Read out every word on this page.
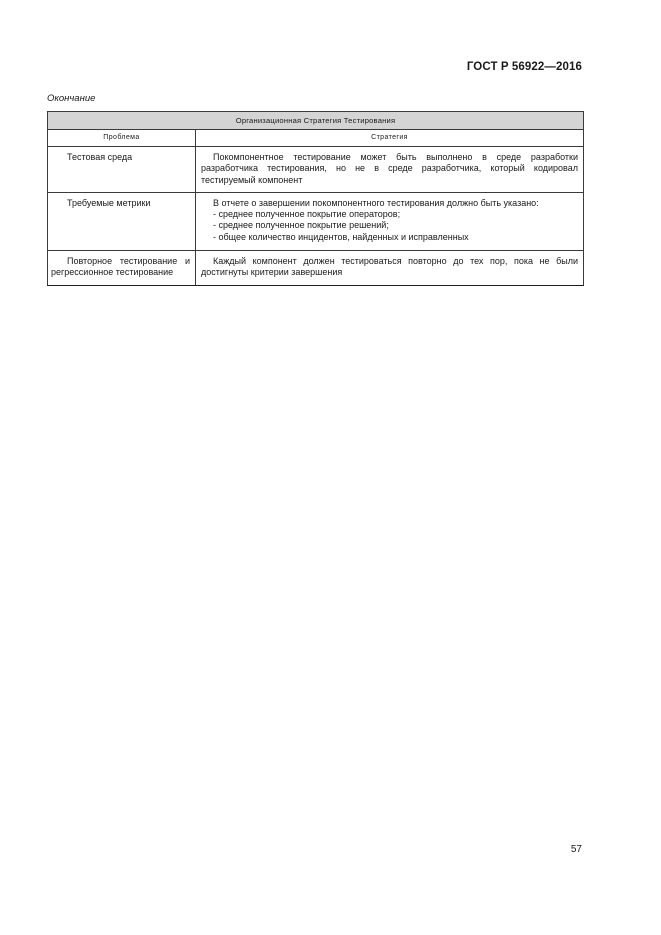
ГОСТ Р 56922—2016
Окончание
Организационная Стратегия Тестирования	
Проблема	Стратегия

Тестовая среда	Покомпонентное тестирование может быть выполнено в среде разработки разработчика тестирования, но не в среде разработчика, который кодировал тестируемый компонент

Требуемые метрики	В отчете о завершении покомпонентного тестирования должно быть указано:
- среднее полученное покрытие операторов;
- среднее полученное покрытие решений;
- общее количество инцидентов, найденных и исправленных

Повторное тестирование и регрессионное тестирование	Каждый компонент должен тестироваться повторно до тех пор, пока не были достигнуты критерии завершения
57
